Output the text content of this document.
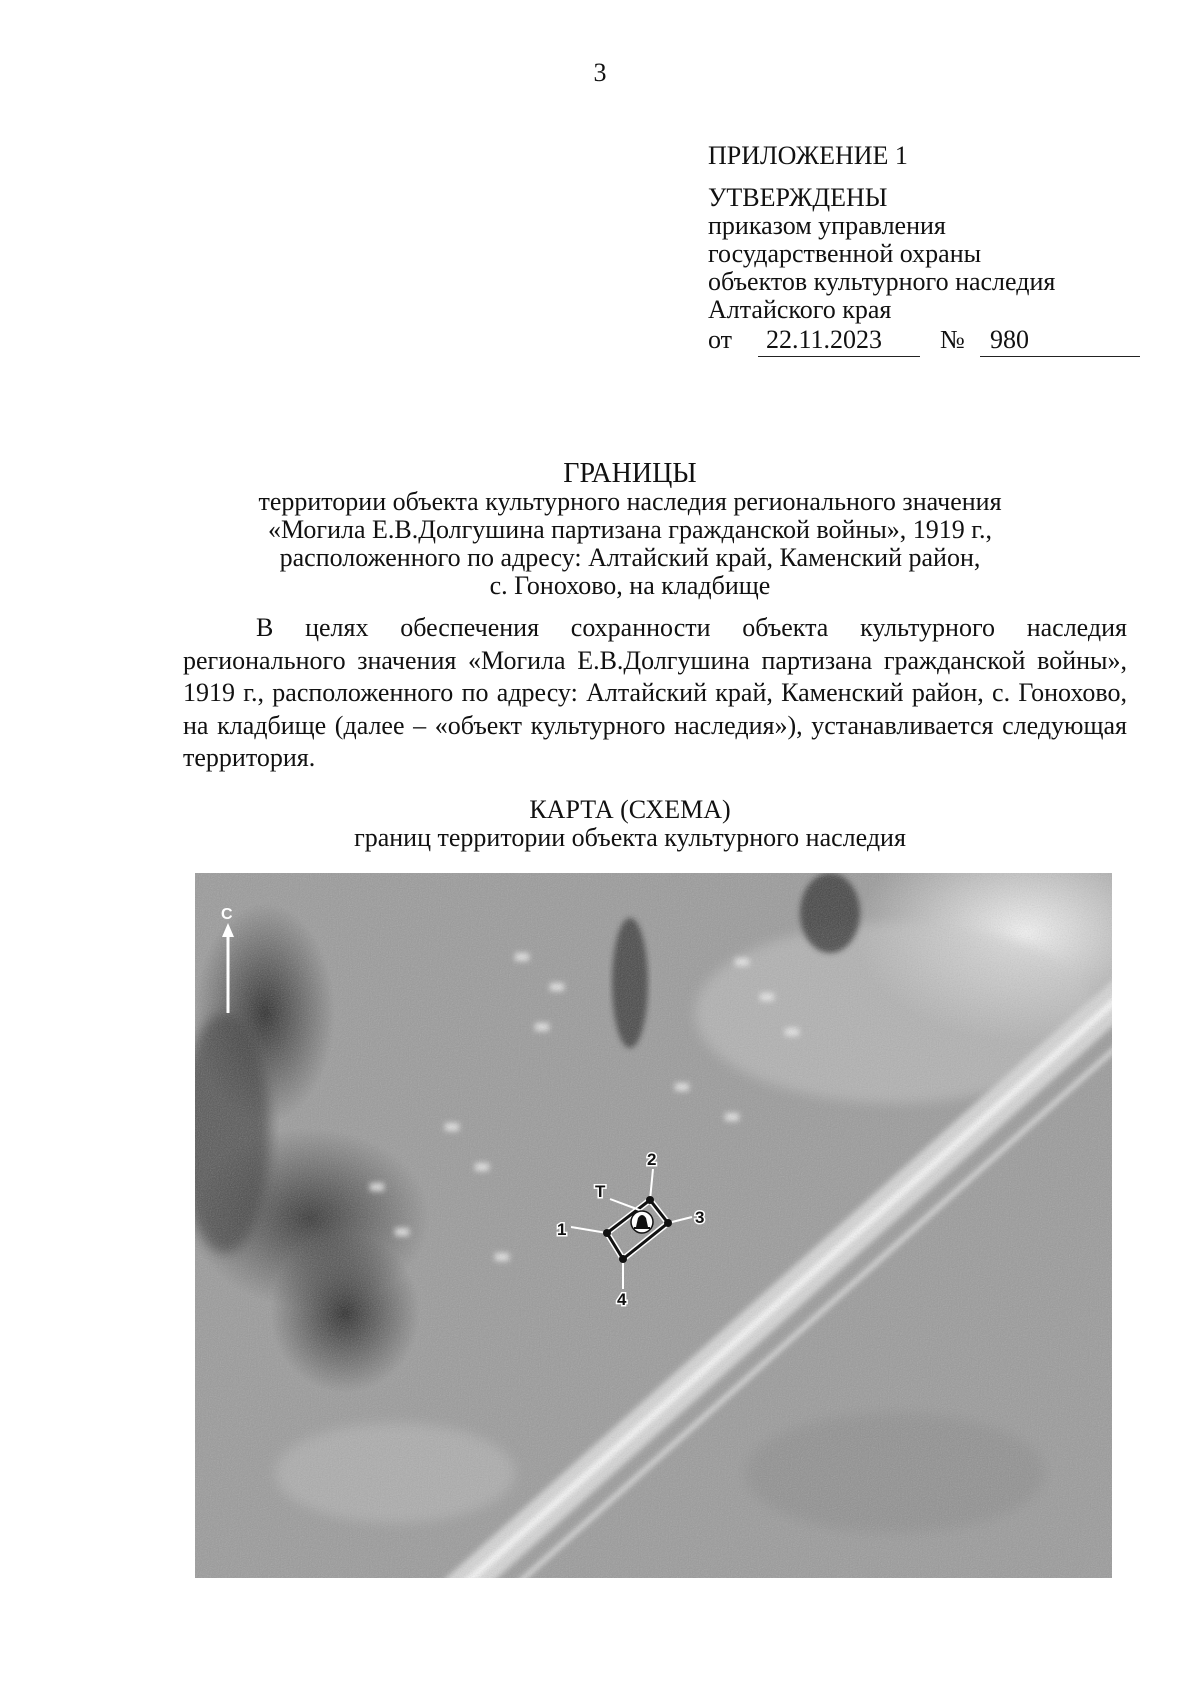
3
ПРИЛОЖЕНИЕ 1
УТВЕРЖДЕНЫ
приказом управления
государственной охраны
объектов культурного наследия
Алтайского края
от 22.11.2023 № 980
ГРАНИЦЫ
территории объекта культурного наследия регионального значения
«Могила Е.В.Долгушина партизана гражданской войны», 1919 г.,
расположенного по адресу: Алтайский край, Каменский район,
с. Гонохово, на кладбище
В целях обеспечения сохранности объекта культурного наследия регионального значения «Могила Е.В.Долгушина партизана гражданской войны», 1919 г., расположенного по адресу: Алтайский край, Каменский район, с. Гонохово, на кладбище (далее – «объект культурного наследия»), устанавливается следующая территория.
КАРТА (СХЕМА)
границ территории объекта культурного наследия
С
1
2
3
4
Т
